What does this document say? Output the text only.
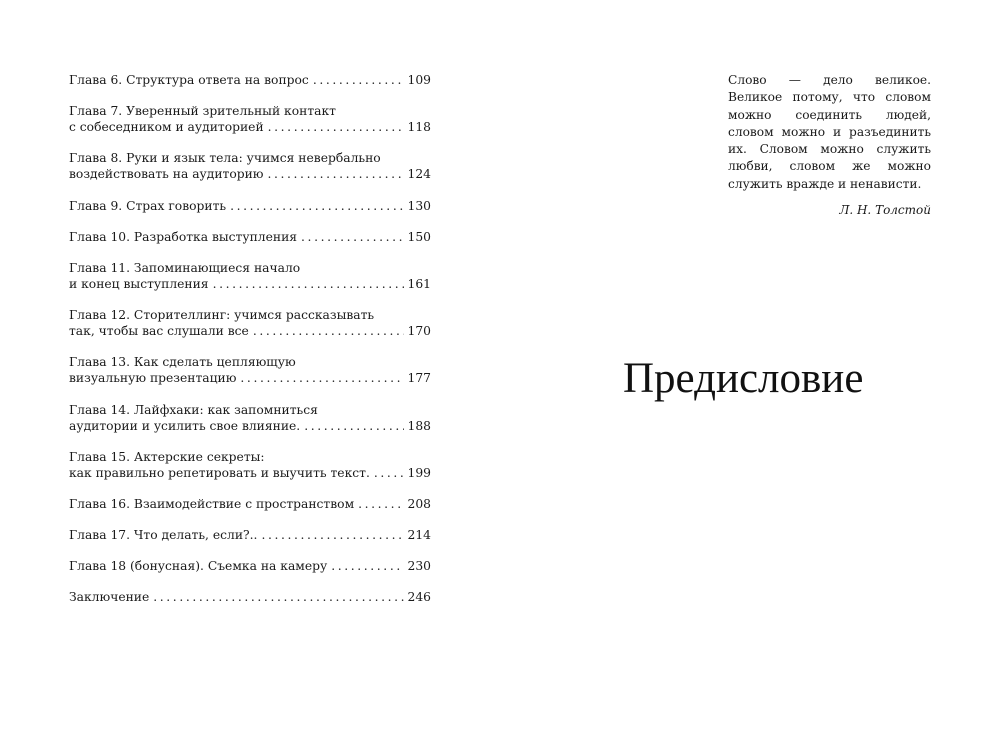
Глава 6. Структура ответа на вопрос .....	109
Глава 7. Уверенный зрительный контакт
с собеседником и аудиторией .....	118
Глава 8. Руки и язык тела: учимся невербально
воздействовать на аудиторию .....	124
Глава 9. Страх говорить .....	130
Глава 10. Разработка выступления .....	150
Глава 11. Запоминающиеся начало
и конец выступления .....	161
Глава 12. Сторителлинг: учимся рассказывать
так, чтобы вас слушали все .....	170
Глава 13. Как сделать цепляющую
визуальную презентацию .....	177
Глава 14. Лайфхаки: как запомниться
аудитории и усилить свое влияние. .....	188
Глава 15. Актерские секреты:
как правильно репетировать и выучить текст. .....	199
Глава 16. Взаимодействие с пространством .....	208
Глава 17. Что делать, если?.. .....	214
Глава 18 (бонусная). Съемка на камеру .....	230
Заключение .....	246

Слово — дело великое. Великое потому, что словом можно соединить людей, словом можно и разъединить их. Словом можно служить любви, словом же можно служить вражде и ненависти.

Л. Н. Толстой

Предисловие
